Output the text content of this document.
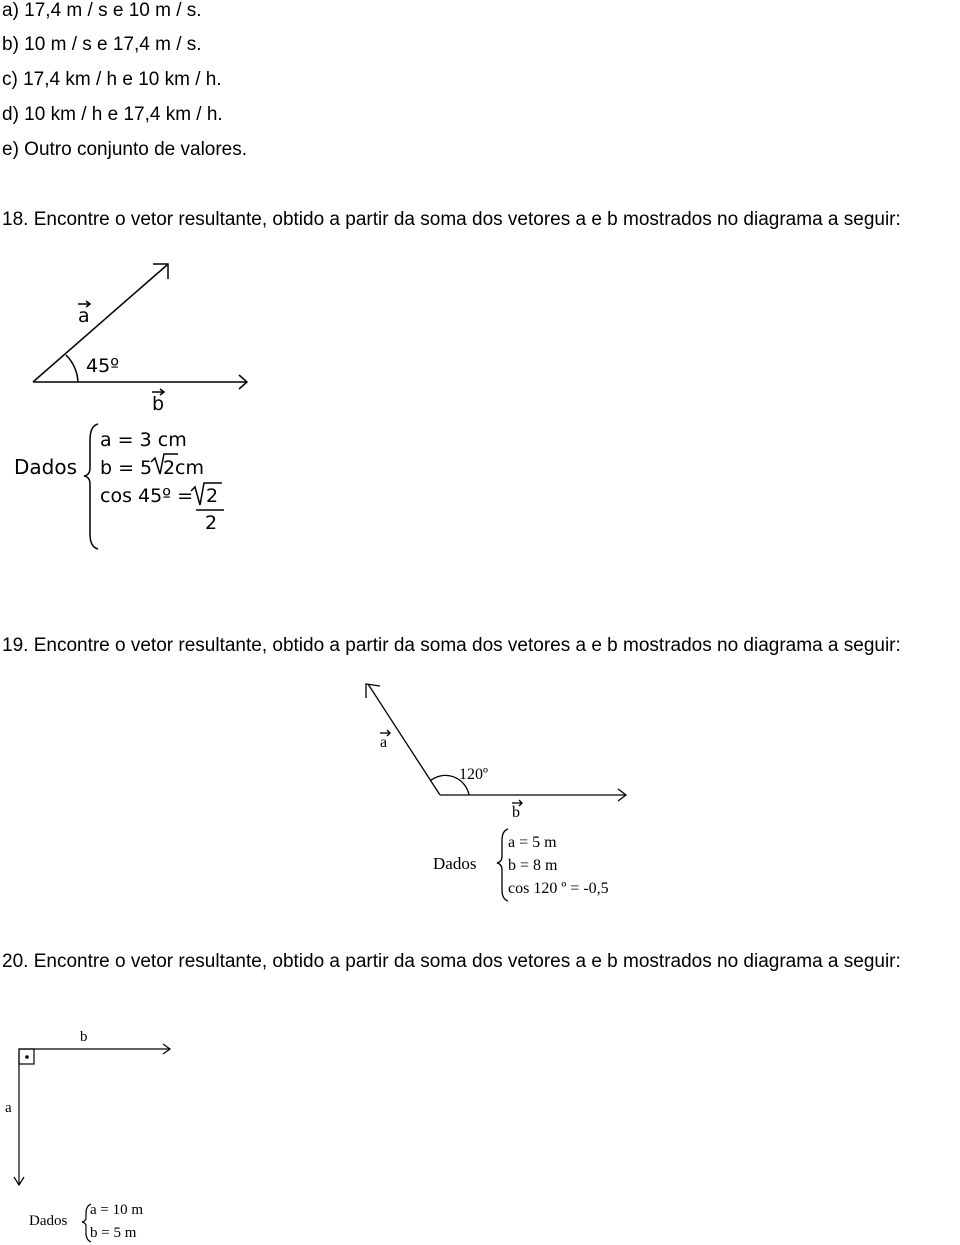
a) 17,4 m / s e 10 m / s.
b) 10 m / s e 17,4 m / s.
c) 17,4 km / h e 10 km / h.
d) 10 km / h e 17,4 km / h.
e) Outro conjunto de valores.
18. Encontre o vetor resultante, obtido a partir da soma dos vetores a e b mostrados no diagrama a seguir:
a
b
45º
Dados
a = 3 cm
b = 5 2 cm
cos 45º = 2
2
a
b
120º
Dados
a = 5 m
b = 8 m
cos 120 º = -0,5
b
a
Dados
a = 10 m
b = 5 m
19. Encontre o vetor resultante, obtido a partir da soma dos vetores a e b mostrados no diagrama a seguir:
20. Encontre o vetor resultante, obtido a partir da soma dos vetores a e b mostrados no diagrama a seguir:
